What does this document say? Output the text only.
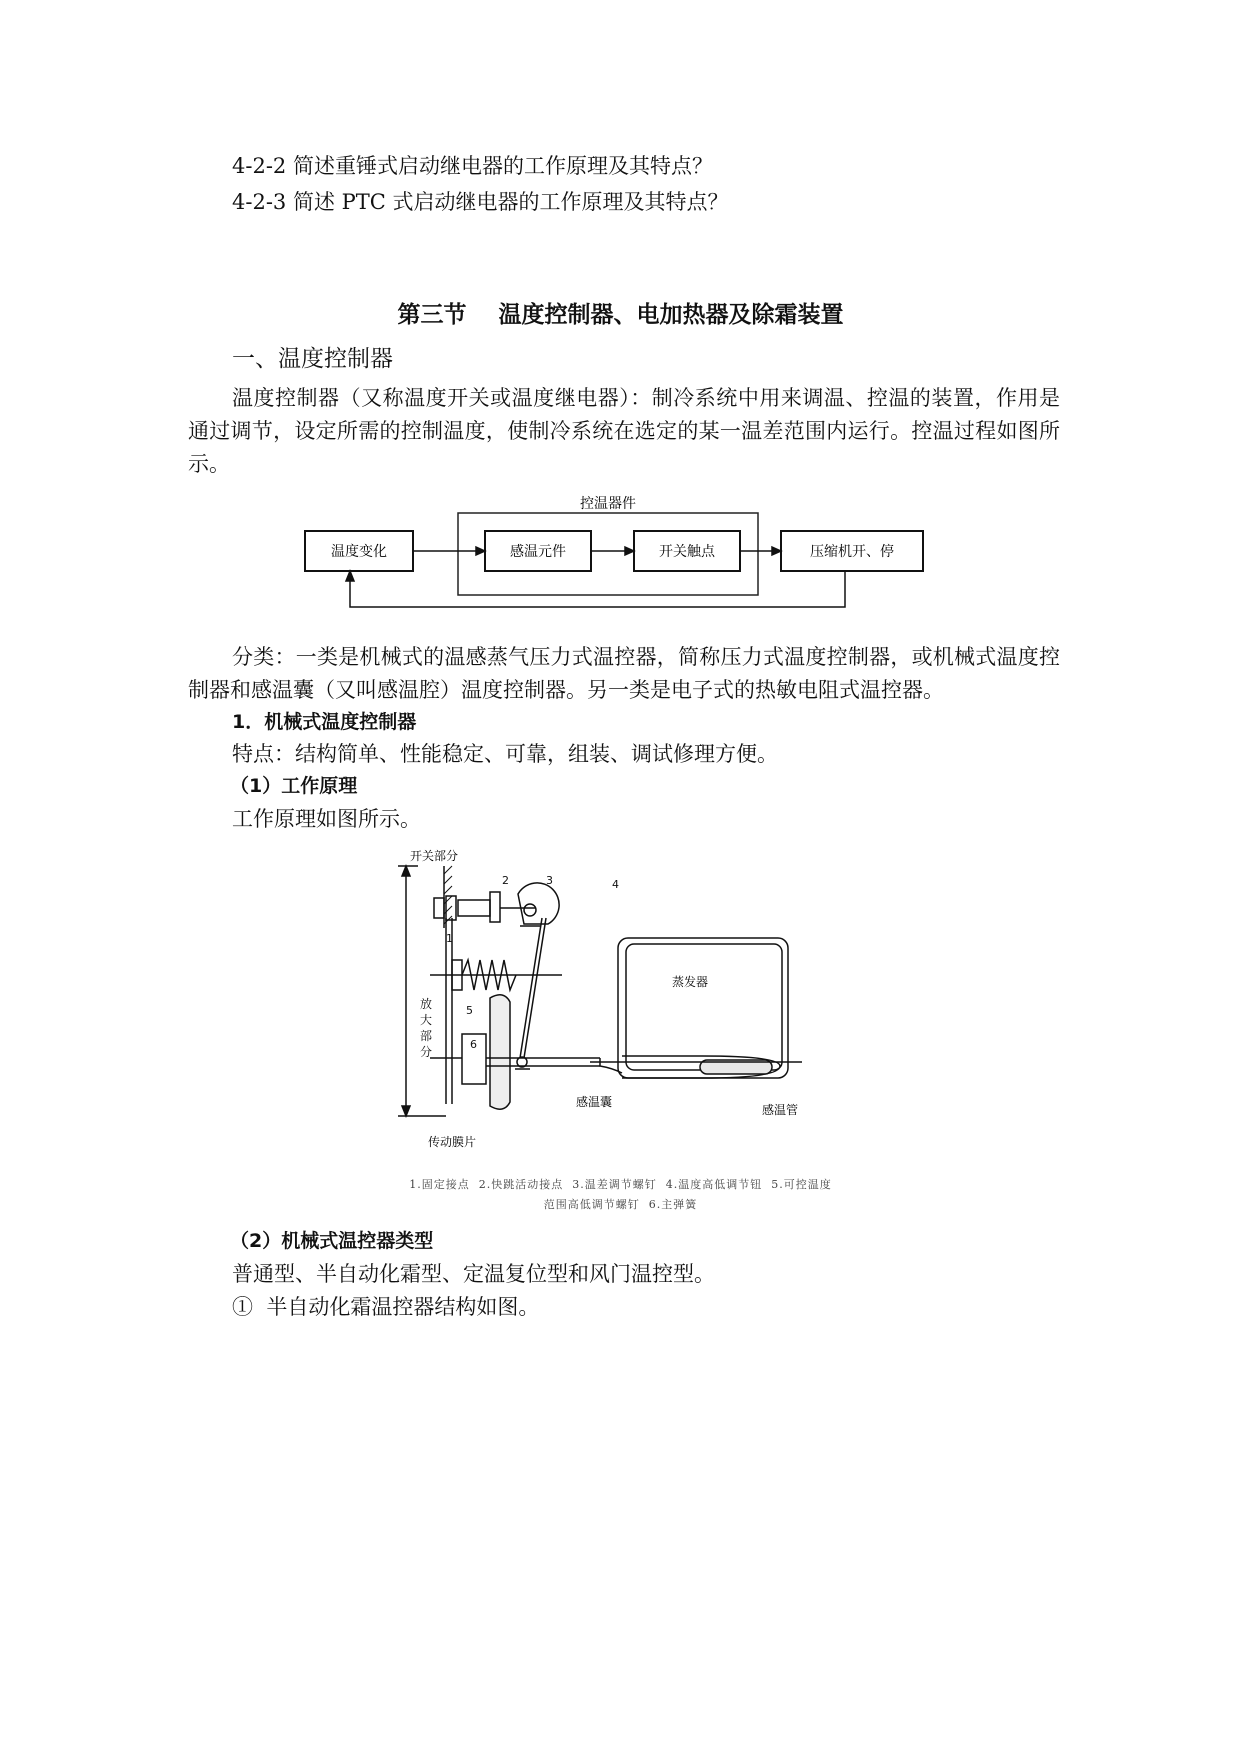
4-2-2 简述重锤式启动继电器的工作原理及其特点？
4-2-3 简述 PTC 式启动继电器的工作原理及其特点？
第三节    温度控制器、电加热器及除霜装置
一、温度控制器
温度控制器（又称温度开关或温度继电器）：制冷系统中用来调温、控温的装置，作用是通过调节，设定所需的控制温度，使制冷系统在选定的某一温差范围内运行。控温过程如图所示。
控温器件
温度变化	感温元件	开关触点	压缩机开、停
分类：一类是机械式的温感蒸气压力式温控器，简称压力式温度控制器，或机械式温度控制器和感温囊（又叫感温腔）温度控制器。另一类是电子式的热敏电阻式温控器。
1．机械式温度控制器
特点：结构简单、性能稳定、可靠，组装、调试修理方便。
（1）工作原理
工作原理如图所示。
开关部分
放
大
部
分
蒸发器
感温囊
感温管
传动膜片
1
2	3	4
5
6
1.固定接点  2.快跳活动接点  3.温差调节螺钉  4.温度高低调节钮  5.可控温度
范围高低调节螺钉  6.主弹簧
（2）机械式温控器类型
普通型、半自动化霜型、定温复位型和风门温控型。
①  半自动化霜温控器结构如图。
